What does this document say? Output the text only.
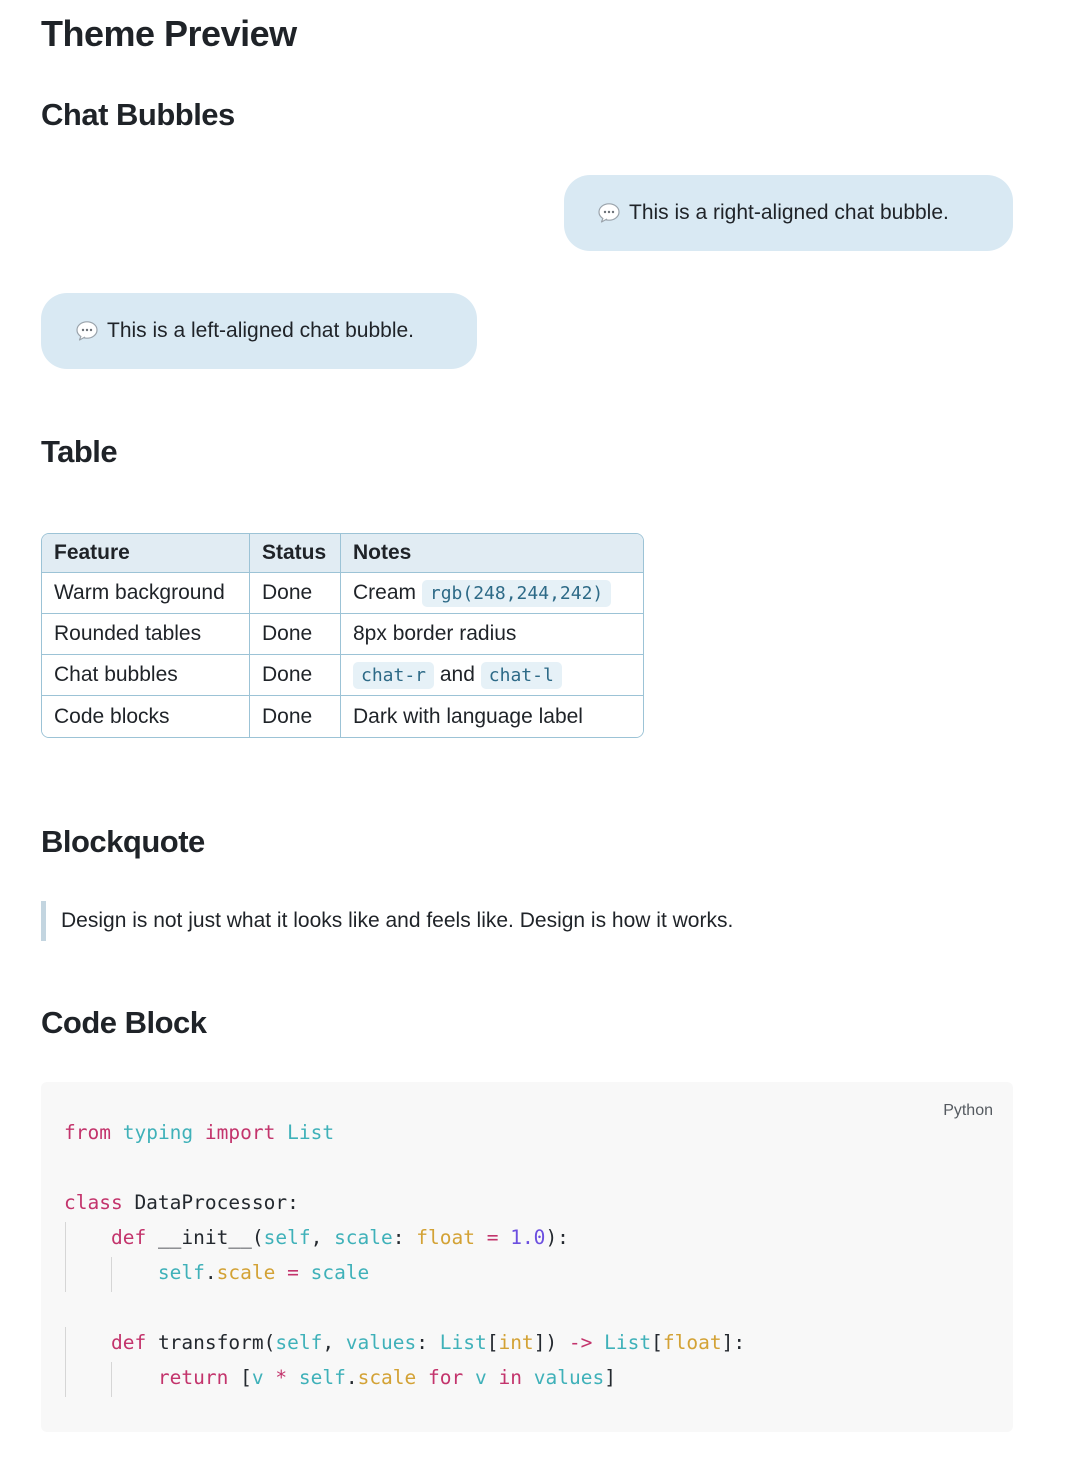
Theme Preview
Chat Bubbles
This is a right-aligned chat bubble.
This is a left-aligned chat bubble.
Table
Feature	Status	Notes
Warm background	Done	Cream rgb(248,244,242)
Rounded tables	Done	8px border radius
Chat bubbles	Done	chat-r and chat-l
Code blocks	Done	Dark with language label
Blockquote
Design is not just what it looks like and feels like. Design is how it works.
Code Block
Python
from typing import List

class DataProcessor:
def __init__(self, scale: float = 1.0):
self.scale = scale

def transform(self, values: List[int]) -> List[float]:
return [v * self.scale for v in values]
